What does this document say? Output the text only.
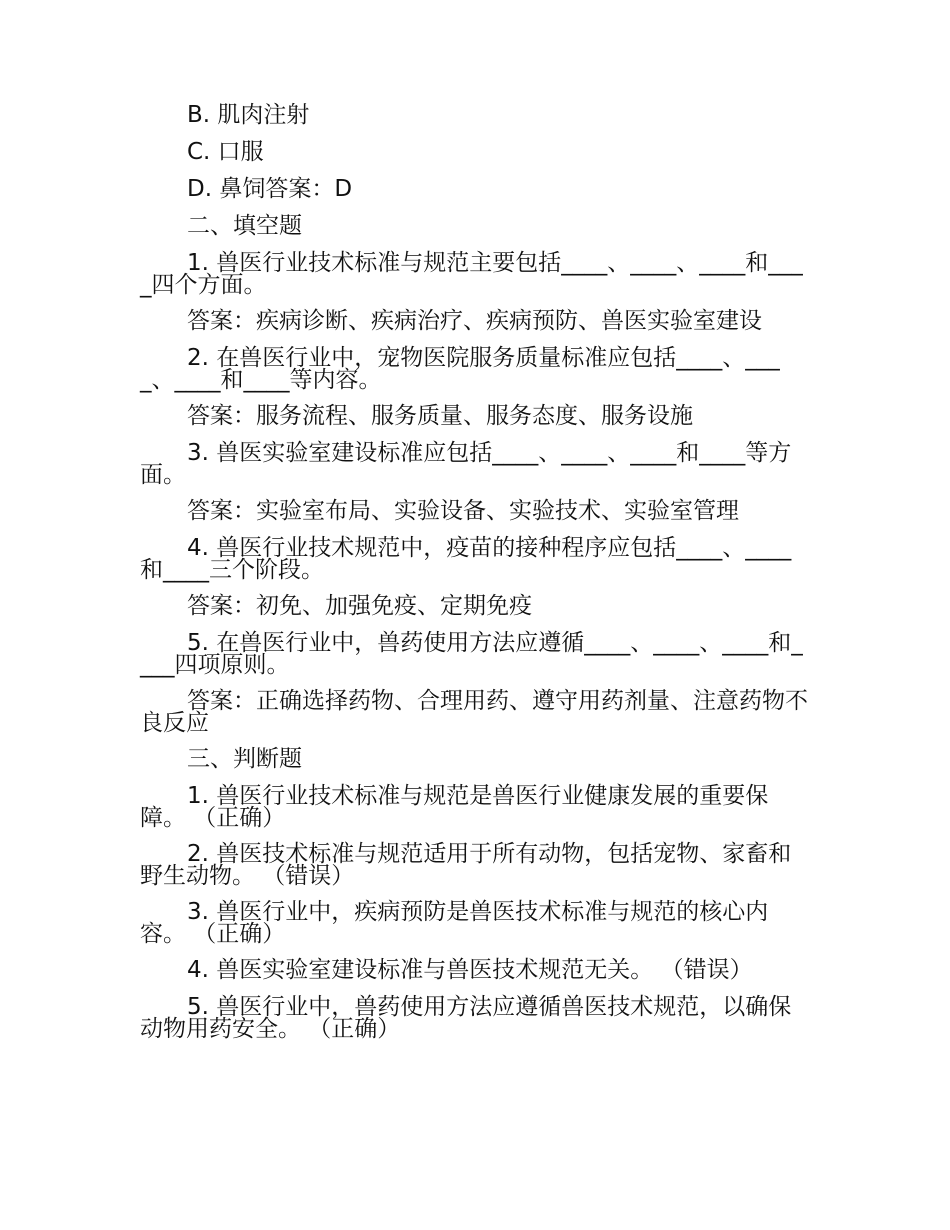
B. 肌肉注射

C. 口服

D. 鼻饲答案：D

二、填空题

1. 兽医行业技术标准与规范主要包括____、____、____和____四个方面。

答案：疾病诊断、疾病治疗、疾病预防、兽医实验室建设

2. 在兽医行业中，宠物医院服务质量标准应包括____、____、____和____等内容。

答案：服务流程、服务质量、服务态度、服务设施

3. 兽医实验室建设标准应包括____、____、____和____等方面。

答案：实验室布局、实验设备、实验技术、实验室管理

4. 兽医行业技术规范中，疫苗的接种程序应包括____、____和____三个阶段。

答案：初免、加强免疫、定期免疫

5. 在兽医行业中，兽药使用方法应遵循____、____、____和____四项原则。

答案：正确选择药物、合理用药、遵守用药剂量、注意药物不良反应

三、判断题

1. 兽医行业技术标准与规范是兽医行业健康发展的重要保障。 （正确）

2. 兽医技术标准与规范适用于所有动物，包括宠物、家畜和野生动物。 （错误）

3. 兽医行业中，疾病预防是兽医技术标准与规范的核心内容。 （正确）

4. 兽医实验室建设标准与兽医技术规范无关。 （错误）

5. 兽医行业中，兽药使用方法应遵循兽医技术规范，以确保动物用药安全。 （正确）
